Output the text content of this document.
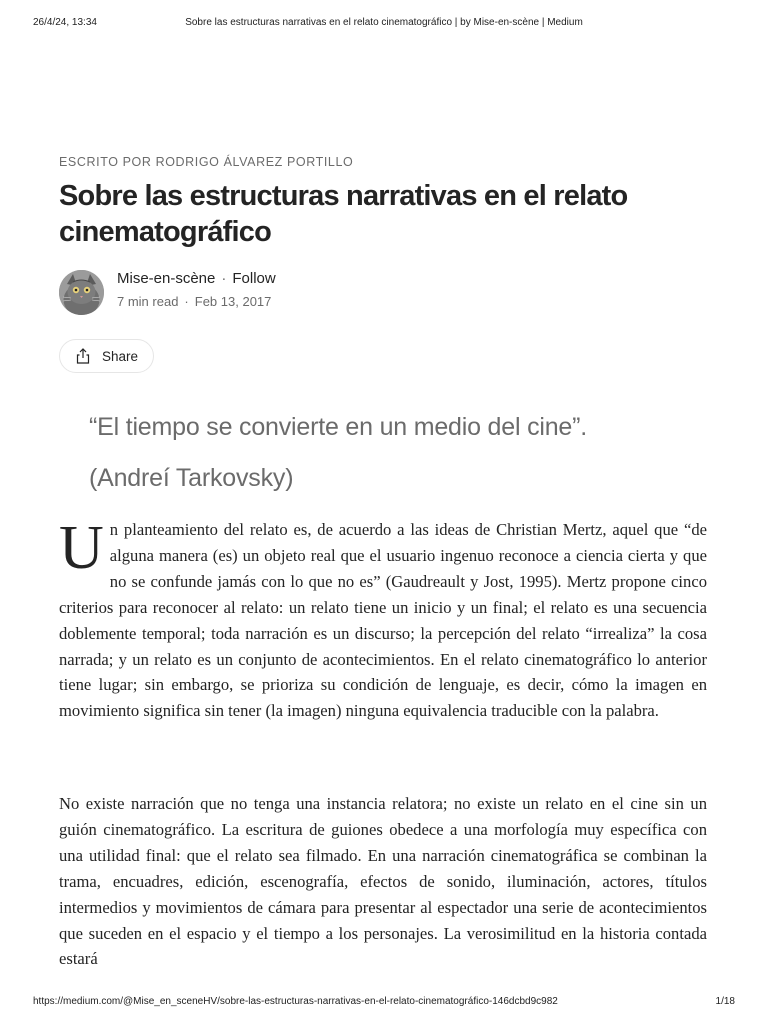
26/4/24, 13:34	Sobre las estructuras narrativas en el relato cinematográfico | by Mise-en-scène | Medium
ESCRITO POR RODRIGO ÁLVAREZ PORTILLO
Sobre las estructuras narrativas en el relato cinematográfico
Mise-en-scène · Follow
7 min read · Feb 13, 2017
Share
“El tiempo se convierte en un medio del cine”.
(Andreí Tarkovsky)
U n planteamiento del relato es, de acuerdo a las ideas de Christian Mertz, aquel que “de alguna manera (es) un objeto real que el usuario ingenuo reconoce a ciencia cierta y que no se confunde jamás con lo que no es” (Gaudreault y Jost, 1995). Mertz propone cinco criterios para reconocer al relato: un relato tiene un inicio y un final; el relato es una secuencia doblemente temporal; toda narración es un discurso; la percepción del relato “irrealiza” la cosa narrada; y un relato es un conjunto de acontecimientos. En el relato cinematográfico lo anterior tiene lugar; sin embargo, se prioriza su condición de lenguaje, es decir, cómo la imagen en movimiento significa sin tener (la imagen) ninguna equivalencia traducible con la palabra.

No existe narración que no tenga una instancia relatora; no existe un relato en el cine sin un guión cinematográfico. La escritura de guiones obedece a una morfología muy específica con una utilidad final: que el relato sea filmado. En una narración cinematográfica se combinan la trama, encuadres, edición, escenografía, efectos de sonido, iluminación, actores, títulos intermedios y movimientos de cámara para presentar al espectador una serie de acontecimientos que suceden en el espacio y el tiempo a los personajes. La verosimilitud en la historia contada estará

https://medium.com/@Mise_en_sceneHV/sobre-las-estructuras-narrativas-en-el-relato-cinematográfico-146dcbd9c982	1/18
